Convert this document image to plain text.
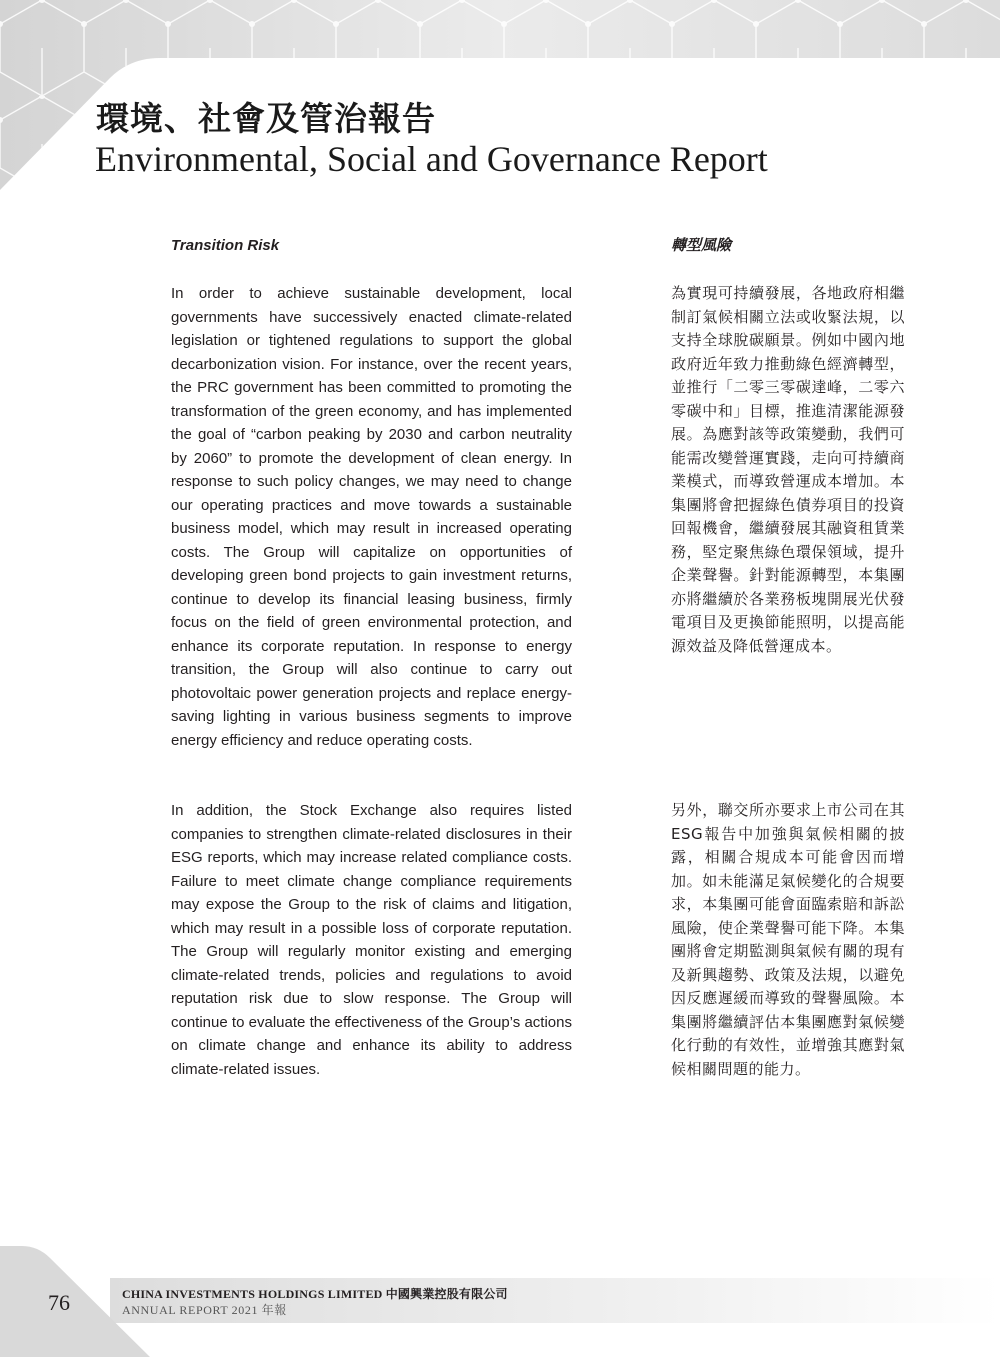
環境、社會及管治報告
Environmental, Social and Governance Report
Transition Risk	轉型風險

In order to achieve sustainable development, local governments have successively enacted climate-related legislation or tightened regulations to support the global decarbonization vision. For instance, over the recent years, the PRC government has been committed to promoting the transformation of the green economy, and has implemented the goal of “carbon peaking by 2030 and carbon neutrality by 2060” to promote the development of clean energy. In response to such policy changes, we may need to change our operating practices and move towards a sustainable business model, which may result in increased operating costs. The Group will capitalize on opportunities of developing green bond projects to gain investment returns, continue to develop its financial leasing business, firmly focus on the field of green environmental protection, and enhance its corporate reputation. In response to energy transition, the Group will also continue to carry out photovoltaic power generation projects and replace energy-saving lighting in various business segments to improve energy efficiency and reduce operating costs.

In addition, the Stock Exchange also requires listed companies to strengthen climate-related disclosures in their ESG reports, which may increase related compliance costs. Failure to meet climate change compliance requirements may expose the Group to the risk of claims and litigation, which may result in a possible loss of corporate reputation. The Group will regularly monitor existing and emerging climate-related trends, policies and regulations to avoid reputation risk due to slow response. The Group will continue to evaluate the effectiveness of the Group’s actions on climate change and enhance its ability to address climate-related issues.

為實現可持續發展，各地政府相繼制訂氣候相關立法或收緊法規，以支持全球脫碳願景。例如中國內地政府近年致力推動綠色經濟轉型，並推行「二零三零碳達峰，二零六零碳中和」目標，推進清潔能源發展。為應對該等政策變動，我們可能需改變營運實踐，走向可持續商業模式，而導致營運成本增加。本集團將會把握綠色債券項目的投資回報機會，繼續發展其融資租賃業務，堅定聚焦綠色環保領域，提升企業聲譽。針對能源轉型，本集團亦將繼續於各業務板塊開展光伏發電項目及更換節能照明，以提高能源效益及降低營運成本。

另外，聯交所亦要求上市公司在其ESG報告中加強與氣候相關的披露，相關合規成本可能會因而增加。如未能滿足氣候變化的合規要求，本集團可能會面臨索賠和訴訟風險，使企業聲譽可能下降。本集團將會定期監測與氣候有關的現有及新興趨勢、政策及法規，以避免因反應遲緩而導致的聲譽風險。本集團將繼續評估本集團應對氣候變化行動的有效性，並增強其應對氣候相關問題的能力。

76	CHINA INVESTMENTS HOLDINGS LIMITED 中國興業控股有限公司
ANNUAL REPORT 2021 年報
